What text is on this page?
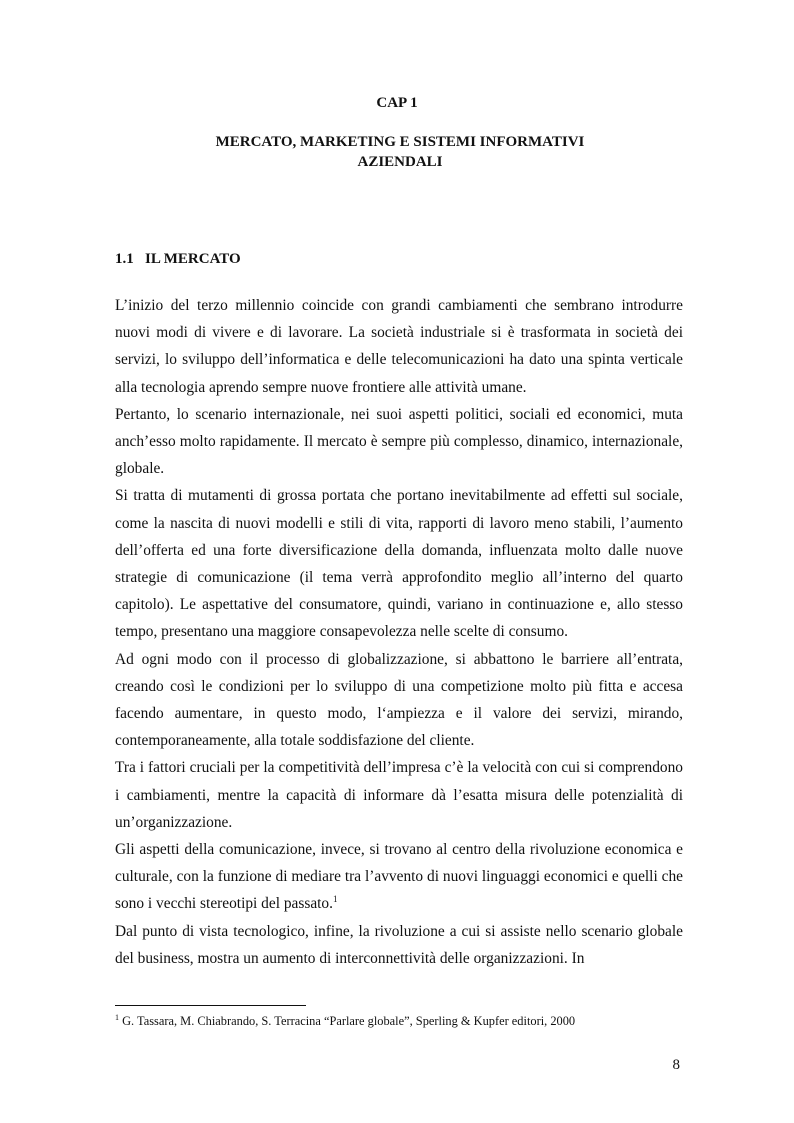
CAP 1
MERCATO, MARKETING E SISTEMI INFORMATIVI
AZIENDALI
1.1 IL MERCATO

L’inizio del terzo millennio coincide con grandi cambiamenti che sembrano introdurre nuovi modi di vivere e di lavorare. La società industriale si è trasformata in società dei servizi, lo sviluppo dell’informatica e delle telecomunicazioni ha dato una spinta verticale alla tecnologia aprendo sempre nuove frontiere alle attività umane.

Pertanto, lo scenario internazionale, nei suoi aspetti politici, sociali ed economici, muta anch’esso molto rapidamente. Il mercato è sempre più complesso, dinamico, internazionale, globale.

Si tratta di mutamenti di grossa portata che portano inevitabilmente ad effetti sul sociale, come la nascita di nuovi modelli e stili di vita, rapporti di lavoro meno stabili, l’aumento dell’offerta ed una forte diversificazione della domanda, influenzata molto dalle nuove strategie di comunicazione (il tema verrà approfondito meglio all’interno del quarto capitolo). Le aspettative del consumatore, quindi, variano in continuazione e, allo stesso tempo, presentano una maggiore consapevolezza nelle scelte di consumo.

Ad ogni modo con il processo di globalizzazione, si abbattono le barriere all’entrata, creando così le condizioni per lo sviluppo di una competizione molto più fitta e accesa facendo aumentare, in questo modo, l‘ampiezza e il valore dei servizi, mirando, contemporaneamente, alla totale soddisfazione del cliente.

Tra i fattori cruciali per la competitività dell’impresa c’è la velocità con cui si comprendono i cambiamenti, mentre la capacità di informare dà l’esatta misura delle potenzialità di un’organizzazione.

Gli aspetti della comunicazione, invece, si trovano al centro della rivoluzione economica e culturale, con la funzione di mediare tra l’avvento di nuovi linguaggi economici e quelli che sono i vecchi stereotipi del passato.$^1$

Dal punto di vista tecnologico, infine, la rivoluzione a cui si assiste nello scenario globale del business, mostra un aumento di interconnettività delle organizzazioni. In

$^1$ G. Tassara, M. Chiabrando, S. Terracina “Parlare globale”, Sperling & Kupfer editori, 2000

8
